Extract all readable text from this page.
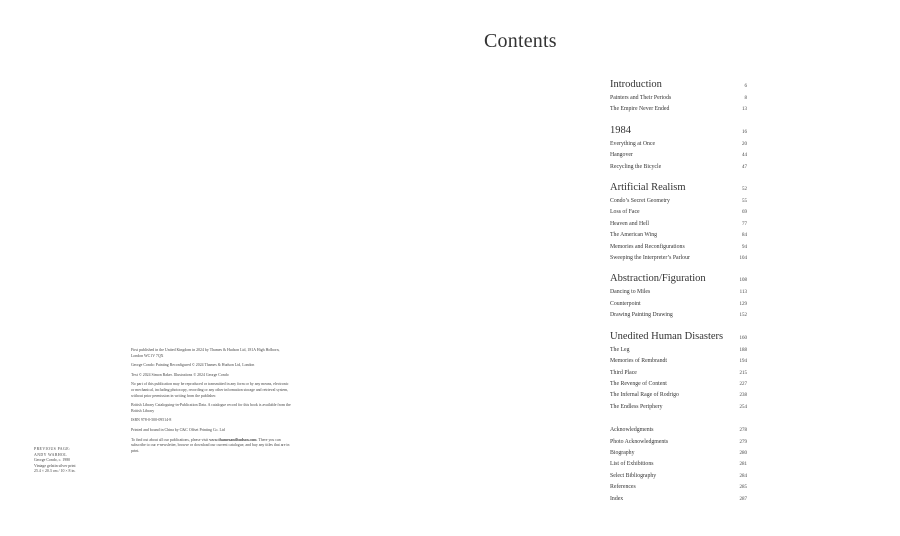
Contents
Introduction	6
Painters and Their Periods	8
The Empire Never Ended	13
1984	16
Everything at Once	20
Hangover	44
Recycling the Bicycle	47
Artificial Realism	52
Condo’s Secret Geometry	55
Loss of Face	69
Heaven and Hell	77
The American Wing	84
Memories and Reconfigurations	94
Sweeping the Interpreter’s Parlour	104
Abstraction/Figuration	108
Dancing to Miles	113
Counterpoint	129
Drawing Painting Drawing	152
Unedited Human Disasters	160
The Leg	188
Memories of Rembrandt	194
Third Place	215
The Revenge of Content	227
The Infernal Rage of Rodrigo	238
The Endless Periphery	254
Acknowledgments	278
Photo Acknowledgments	279
Biography	280
List of Exhibitions	281
Select Bibliography	284
References	285
Index	287

First published in the United Kingdom in 2024 by Thames & Hudson Ltd, 181A High Holborn, London WC1V 7QX

George Condo: Painting Reconfigured © 2024 Thames & Hudson Ltd, London

Text © 2024 Simon Baker. Illustrations © 2024 George Condo

No part of this publication may be reproduced or transmitted in any form or by any means, electronic or mechanical, including photocopy, recording or any other information storage and retrieval system, without prior permission in writing from the publisher.

British Library Cataloguing-in-Publication Data. A catalogue record for this book is available from the British Library

ISBN 978-0-500-09514-8

Printed and bound in China by C&C Offset Printing Co. Ltd

To find out about all our publications, please visit www.thamesandhudson.com. There you can subscribe to our e-newsletter, browse or download our current catalogue, and buy any titles that are in print.

PREVIOUS PAGE:
ANDY WARHOL
George Condo, c. 1980
Vintage gelatin silver print
25.4 × 20.3 cm / 10 × 8 in.
